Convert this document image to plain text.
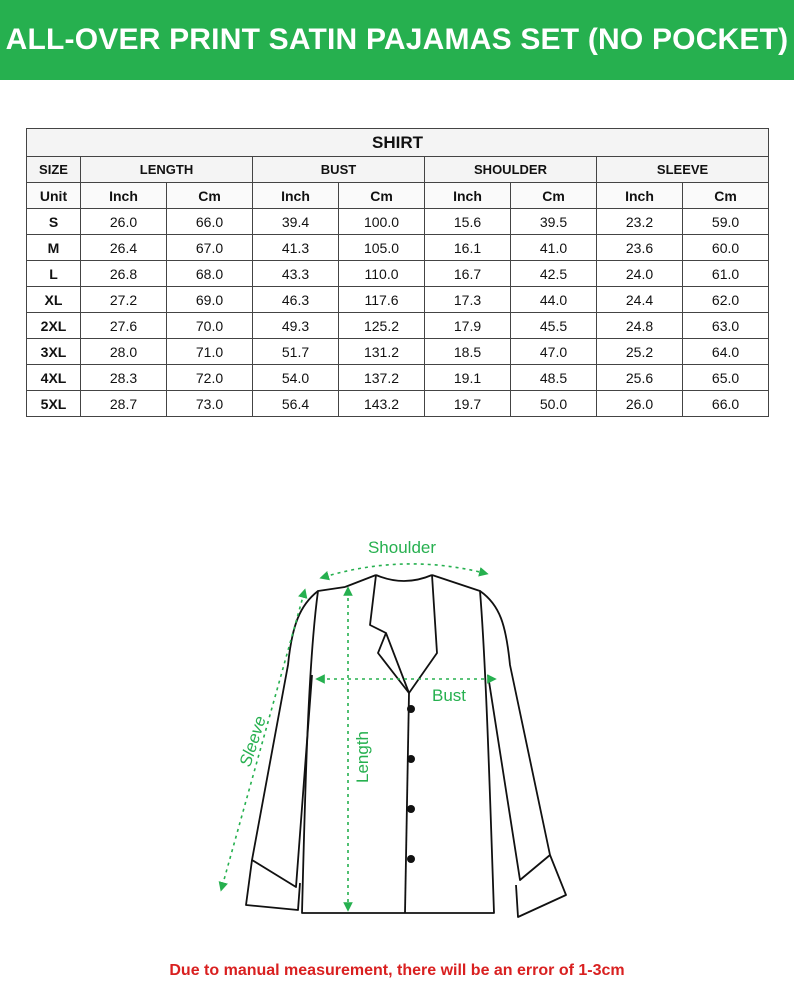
ALL-OVER PRINT SATIN PAJAMAS SET (NO POCKET)
SHIRT								
SIZE	LENGTH		BUST		SHOULDER		SLEEVE	
Unit	Inch	Cm	Inch	Cm	Inch	Cm	Inch	Cm
S	26.0	66.0	39.4	100.0	15.6	39.5	23.2	59.0
M	26.4	67.0	41.3	105.0	16.1	41.0	23.6	60.0
L	26.8	68.0	43.3	110.0	16.7	42.5	24.0	61.0
XL	27.2	69.0	46.3	117.6	17.3	44.0	24.4	62.0
2XL	27.6	70.0	49.3	125.2	17.9	45.5	24.8	63.0
3XL	28.0	71.0	51.7	131.2	18.5	47.0	25.2	64.0
4XL	28.3	72.0	54.0	137.2	19.1	48.5	25.6	65.0
5XL	28.7	73.0	56.4	143.2	19.7	50.0	26.0	66.0
Shoulder
Bust
Length
Sleeve
Due to manual measurement, there will be an error of 1-3cm
